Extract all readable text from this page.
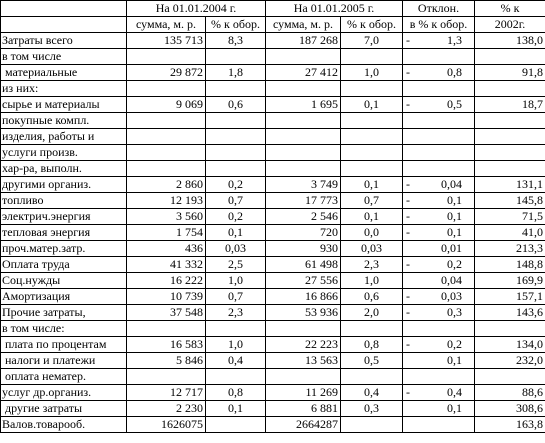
	На 01.01.2004 г.		На 01.01.2005 г.		Отклон.		% к
	сумма, м. р.	% к обор.	сумма, м. р.	% к обор.	в % к обор.		2002г.
Затраты всего	135 713	8,3	187 268	7,0	-	1,3	138,0
в том числе							
материальные	29 872	1,8	27 412	1,0	-	0,8	91,8
из них:							
сырье и материалы	9 069	0,6	1 695	0,1	-	0,5	18,7
покупные компл.							
изделия, работы и							
услуги произв.							
хар-ра, выполн.							
другими организ.	2 860	0,2	3 749	0,1	-	0,04	131,1
топливо	12 193	0,7	17 773	0,7	-	0,1	145,8
электрич.энергия	3 560	0,2	2 546	0,1	-	0,1	71,5
тепловая энергия	1 754	0,1	720	0,0	-	0,1	41,0
проч.матер.затр.	436	0,03	930	0,03		0,01	213,3
Оплата труда	41 332	2,5	61 498	2,3	-	0,2	148,8
Соц.нужды	16 222	1,0	27 556	1,0		0,04	169,9
Амортизация	10 739	0,7	16 866	0,6	-	0,03	157,1
Прочие затраты,	37 548	2,3	53 936	2,0	-	0,3	143,6
в том числе:							
плата по процентам	16 583	1,0	22 223	0,8	-	0,2	134,0
налоги и платежи	5 846	0,4	13 563	0,5		0,1	232,0
оплата нематер.							
услуг др.организ.	12 717	0,8	11 269	0,4	-	0,4	88,6
другие затраты	2 230	0,1	6 881	0,3		0,1	308,6
Валов.товарооб.	1626075		2664287				163,8
